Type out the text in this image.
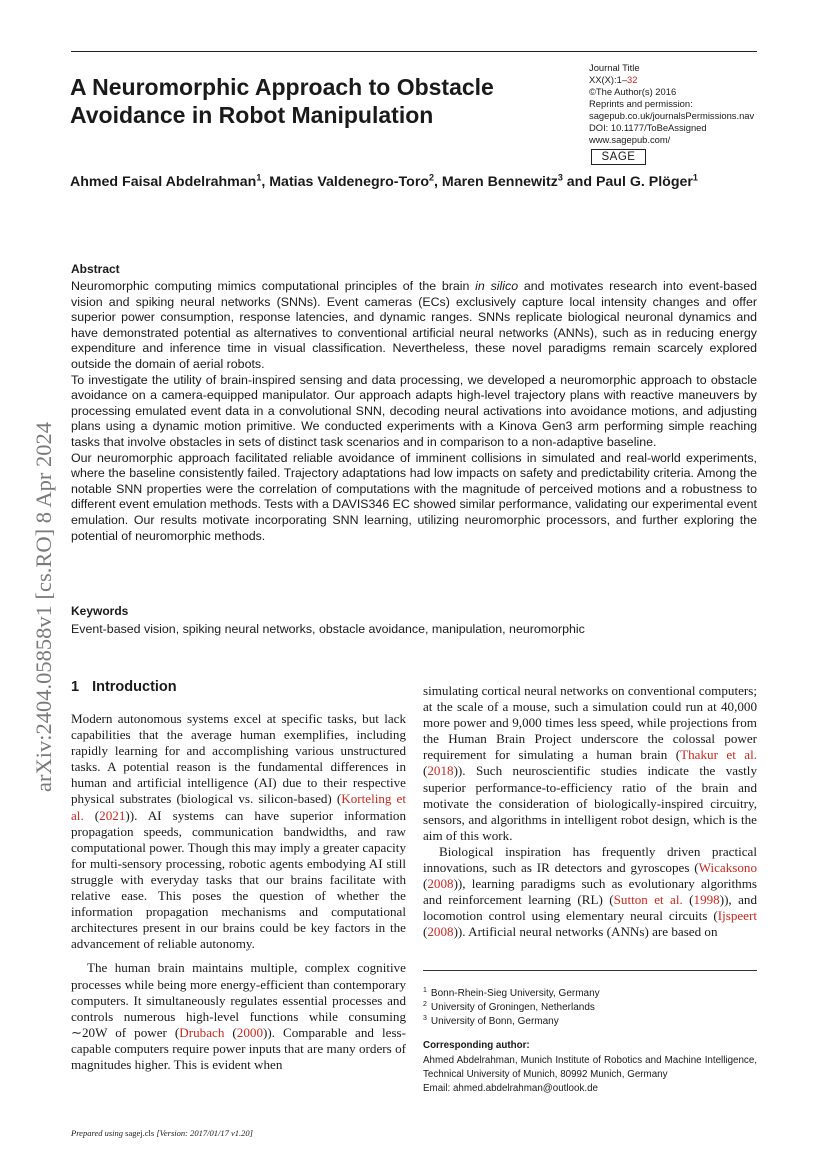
arXiv:2404.05858v1 [cs.RO] 8 Apr 2024
A Neuromorphic Approach to Obstacle Avoidance in Robot Manipulation
Journal Title
XX(X):1–32
©The Author(s) 2016
Reprints and permission:
sagepub.co.uk/journalsPermissions.nav
DOI: 10.1177/ToBeAssigned
www.sagepub.com/
SAGE
Ahmed Faisal Abdelrahman$^1$, Matias Valdenegro-Toro$^2$, Maren Bennewitz$^3$ and Paul G. Plöger$^1$
Abstract

Neuromorphic computing mimics computational principles of the brain in silico and motivates research into event-based vision and spiking neural networks (SNNs). Event cameras (ECs) exclusively capture local intensity changes and offer superior power consumption, response latencies, and dynamic ranges. SNNs replicate biological neuronal dynamics and have demonstrated potential as alternatives to conventional artificial neural networks (ANNs), such as in reducing energy expenditure and inference time in visual classification. Nevertheless, these novel paradigms remain scarcely explored outside the domain of aerial robots.

To investigate the utility of brain-inspired sensing and data processing, we developed a neuromorphic approach to obstacle avoidance on a camera-equipped manipulator. Our approach adapts high-level trajectory plans with reactive maneuvers by processing emulated event data in a convolutional SNN, decoding neural activations into avoidance motions, and adjusting plans using a dynamic motion primitive. We conducted experiments with a Kinova Gen3 arm performing simple reaching tasks that involve obstacles in sets of distinct task scenarios and in comparison to a non-adaptive baseline.

Our neuromorphic approach facilitated reliable avoidance of imminent collisions in simulated and real-world experiments, where the baseline consistently failed. Trajectory adaptations had low impacts on safety and predictability criteria. Among the notable SNN properties were the correlation of computations with the magnitude of perceived motions and a robustness to different event emulation methods. Tests with a DAVIS346 EC showed similar performance, validating our experimental event emulation. Our results motivate incorporating SNN learning, utilizing neuromorphic processors, and further exploring the potential of neuromorphic methods.

Keywords
Event-based vision, spiking neural networks, obstacle avoidance, manipulation, neuromorphic
1 Introduction

Modern autonomous systems excel at specific tasks, but lack capabilities that the average human exemplifies, including rapidly learning for and accomplishing various unstructured tasks. A potential reason is the fundamental differences in human and artificial intelligence (AI) due to their respective physical substrates (biological vs. silicon-based) (Korteling et al. (2021)). AI systems can have superior information propagation speeds, communication bandwidths, and raw computational power. Though this may imply a greater capacity for multi-sensory processing, robotic agents embodying AI still struggle with everyday tasks that our brains facilitate with relative ease. This poses the question of whether the information propagation mechanisms and computational architectures present in our brains could be key factors in the advancement of reliable autonomy.

The human brain maintains multiple, complex cognitive processes while being more energy-efficient than contemporary computers. It simultaneously regulates essential processes and controls numerous high-level functions while consuming ∼20W of power (Drubach (2000)). Comparable and less-capable computers require power inputs that are many orders of magnitudes higher. This is evident when

simulating cortical neural networks on conventional computers; at the scale of a mouse, such a simulation could run at 40,000 more power and 9,000 times less speed, while projections from the Human Brain Project underscore the colossal power requirement for simulating a human brain (Thakur et al. (2018)). Such neuroscientific studies indicate the vastly superior performance-to-efficiency ratio of the brain and motivate the consideration of biologically-inspired circuitry, sensors, and algorithms in intelligent robot design, which is the aim of this work.

Biological inspiration has frequently driven practical innovations, such as IR detectors and gyroscopes (Wicaksono (2008)), learning paradigms such as evolutionary algorithms and reinforcement learning (RL) (Sutton et al. (1998)), and locomotion control using elementary neural circuits (Ijspeert (2008)). Artificial neural networks (ANNs) are based on

$^1$ Bonn-Rhein-Sieg University, Germany
$^2$ University of Groningen, Netherlands
$^3$ University of Bonn, Germany
Corresponding author:

Ahmed Abdelrahman, Munich Institute of Robotics and Machine Intelligence, Technical University of Munich, 80992 Munich, Germany

Email: ahmed.abdelrahman@outlook.de
Prepared using sagej.cls [Version: 2017/01/17 v1.20]
